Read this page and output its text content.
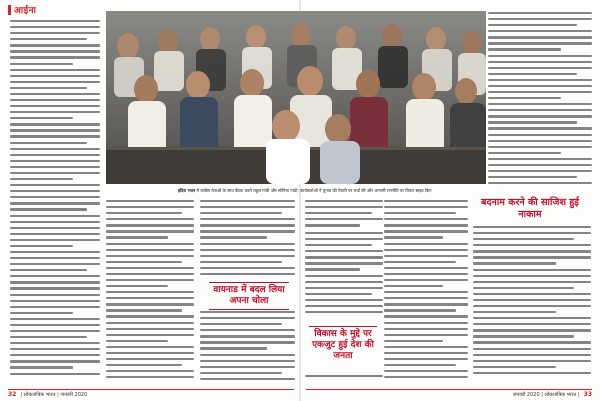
आईना
इंदिरा भवन में कांग्रेस नेताओं के साथ बैठक करते राहुल गांधी और सोनिया गांधी; कार्यकर्ताओं ने चुनाव की तैयारी पर चर्चा की और आगामी रणनीति पर विचार साझा किए
वायनाड में बदल लिया अपना चोला
विकास के मुद्दे पर एकजुट हुई देश की जनता
बदनाम करने की साजिश हुई नाकाम
32 | लोकतांत्रिक भारत | जनवरी 2020	जनवरी 2020 | लोकतांत्रिक भारत | 33
